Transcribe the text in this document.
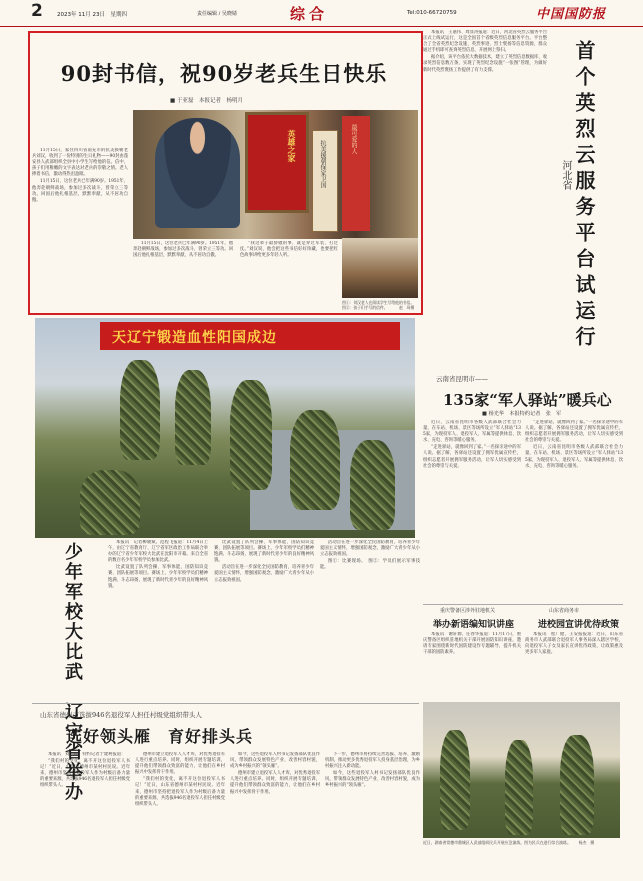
2	2023年 11月 23日　星期四	责任编辑 / 吴晓婧	综合	Tel:010-66720759	中国国防报
90封书信，祝90岁老兵生日快乐
■ 于亚磊　本报记者　杨明月
英雄之家	抗美援朝保家卫国
最可爱的人
图①：刘汉老人在阅读学生写给他的书信。　　　图②：孩子们手写的信件。　　　赵　珂摄

11月15日，家住四川省南充市的抗美援朝老兵刘汉，收到了一份特别的生日礼物——90封由蓬安县人武部组织全县中小学生写给他的信。信中，孩子们用稚嫩的文字表达对老兵的崇敬之情。老人捧着书信，激动得热泪盈眶。

11月15日，这位老兵已年满90岁。1951年，他奔赴朝鲜战场，参加过多次战斗，曾荣立三等功。回国后他扎根基层，默默奉献，从不居功自傲。

11月15日，这位老兵已年满90岁。1951年，他奔赴朝鲜战场，参加过多次战斗，曾荣立三等功。回国后他扎根基层，默默奉献，从不居功自傲。

“我这辈子最骄傲的事，就是穿过军装、打过仗。”刘汉说，他会把这些书信好好珍藏，也要把红色故事讲给更多年轻人听。

本报讯　王嘉伟、周显涛报道：近日，河北省英烈云服务平台正式上线试运行，这是全国首个省级英烈信息服务平台。平台整合了全省英烈纪念设施、英烈事迹、烈士褒扬等信息资源，群众通过手机即可查询英烈信息、开展网上祭扫。

据介绍，该平台依托大数据技术，建立了英烈信息数据库，收录英烈信息数万条，实现了英烈纪念设施“一张图”管理，为做好新时代英烈褒扬工作提供了有力支撑。	首个英烈云服务平台试运行
河北省
天辽宁锻造血性阳国成边
少年军校大比武　辽宁省举办	本报讯　记者柳晓斌、范程飞报道：11月4日上午，由辽宁省教育厅、辽宁省军区政治工作局联合举办的辽宁省少年军校大比武在沈阳市开幕。来自全省的数百名少年军校学员参加比武。

比武设置了队列会操、军事体能、国防知识竞赛、团队拓展等项目。赛场上，少年军校学员们精神饱满、斗志昂扬，展现了新时代青少年的良好精神风貌。

比武设置了队列会操、军事体能、国防知识竞赛、团队拓展等项目。赛场上，少年军校学员们精神饱满、斗志昂扬，展现了新时代青少年的良好精神风貌。

活动旨在进一步深化全民国防教育，培养青少年爱国主义情怀，增强国防观念，激励广大青少年从小立志报效祖国。

活动旨在进一步深化全民国防教育，培养青少年爱国主义情怀，增强国防观念，激励广大青少年从小立志报效祖国。

图①：比赛现场。　图②：学员们展示军事技能。

云南省昆明市——
135家“军人驿站”暖兵心
■ 杨光华　本报特约记者　张　军

近日，云南省昆明市各级人武部联合社会力量，在车站、机场、景区等场所设立“军人驿站”135家，为现役军人、退役军人、军属等提供休息、饮水、充电、咨询等暖心服务。

“走进驿站，就像回到了家。”一名探亲途中的军人说。据了解，各驿站还设置了拥军优属宣传栏，组织志愿者开展拥军服务活动，让军人切实感受到社会的尊崇与关爱。

“走进驿站，就像回到了家。”一名探亲途中的军人说。据了解，各驿站还设置了拥军优属宣传栏，组织志愿者开展拥军服务活动，让军人切实感受到社会的尊崇与关爱。

近日，云南省昆明市各级人武部联合社会力量，在车站、机场、景区等场所设立“军人驿站”135家，为现役军人、退役军人、军属等提供休息、饮水、充电、咨询等暖心服务。

重庆警备区涉外驻地机关
举办新语编知识讲座
山东省商务市
进校园宣讲优待政策

本报讯　谢轩源、任春华报道：11月17日，重庆警备区组织驻地机关干部开展国防知识讲座，邀请专家围绕新时代国防建设作专题辅导，提升机关干部的国防素养。

本报讯　程广健、王安报报道：近日，山东省商务市人武部联合退役军人事务局深入辖区学校，向退役军人子女及家长宣讲优待政策，让政策惠及更多军人家庭。

近日，湖南省常德市鼎城区人武部组织民兵开展应急演练。图为民兵在进行综合演练。　　杨杰　摄
山东省德州市选拔946名退役军人担任村级党组织带头人
选好领头雁　育好排头兵

本报讯　刘为鹏、特约记者于建利报道：

“我们村的变化，离不开这位退役军人书记！”近日，山东省德州市某村村民说。近年来，德州市坚持把退役军人作为村级后备力量的重要来源，共选拔946名退役军人担任村级党组织带头人。

德州市建立退役军人人才库，对优秀退役军人进行重点培养。同时，组织开展专题培训，提升他们带领群众致富的能力，让他们在乡村振兴中发挥骨干作用。

“我们村的变化，离不开这位退役军人书记！”近日，山东省德州市某村村民说。近年来，德州市坚持把退役军人作为村级后备力量的重要来源，共选拔946名退役军人担任村级党组织带头人。

如今，这些退役军人村书记发扬部队优良作风，带领群众发展特色产业、改善村容村貌，成为乡村振兴的“领头雁”。

德州市建立退役军人人才库，对优秀退役军人进行重点培养。同时，组织开展专题培训，提升他们带领群众致富的能力，让他们在乡村振兴中发挥骨干作用。

下一步，德州市将持续完善选拔、培养、激励机制，推动更多优秀退役军人投身基层治理，为乡村振兴注入新动能。

如今，这些退役军人村书记发扬部队优良作风，带领群众发展特色产业、改善村容村貌，成为乡村振兴的“领头雁”。
